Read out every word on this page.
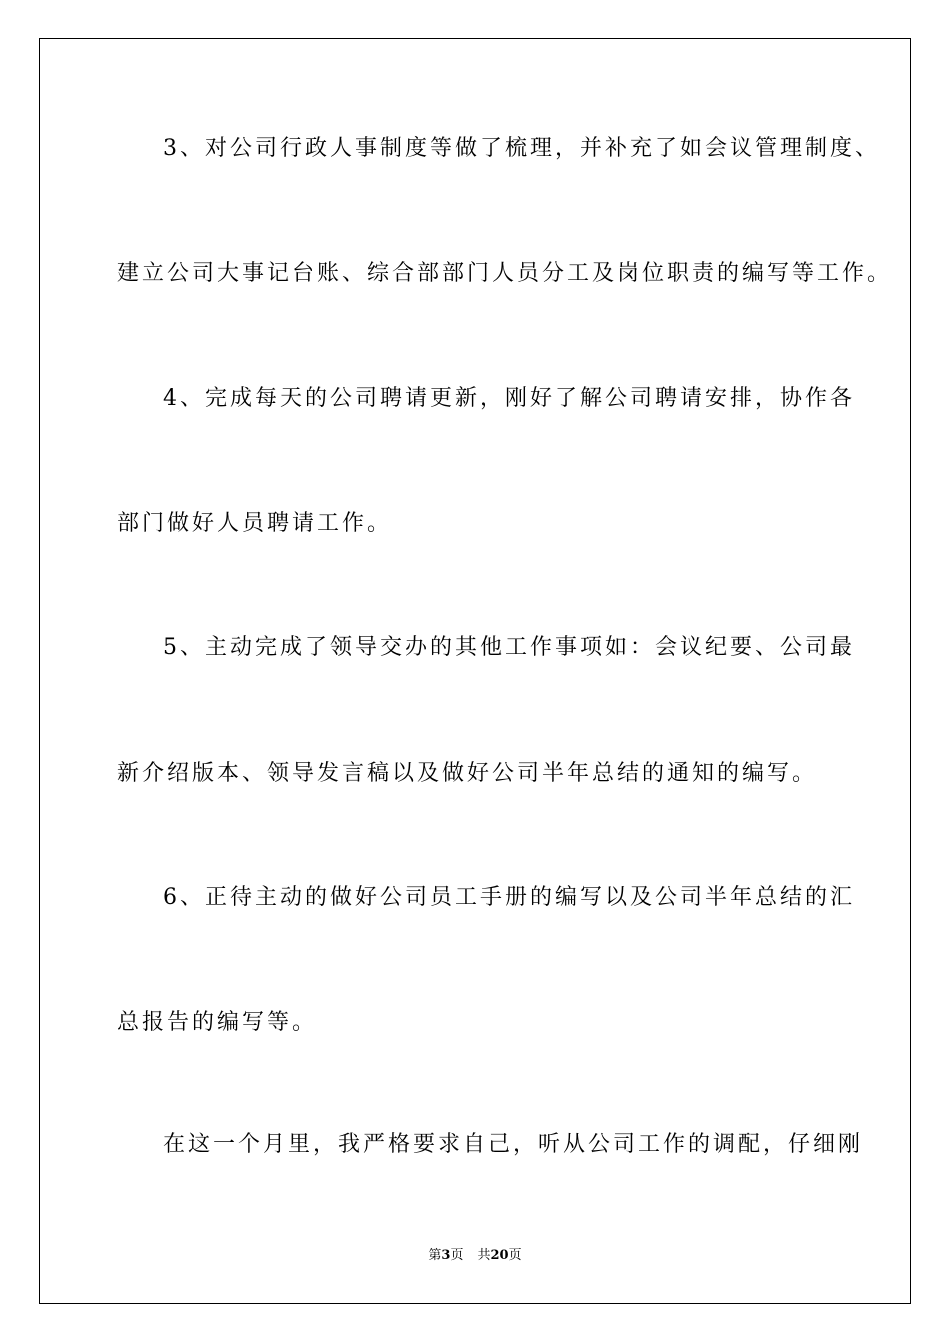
3、对公司行政人事制度等做了梳理，并补充了如会议管理制度、
建立公司大事记台账、综合部部门人员分工及岗位职责的编写等工作。
4、完成每天的公司聘请更新，刚好了解公司聘请安排，协作各
部门做好人员聘请工作。
5、主动完成了领导交办的其他工作事项如：会议纪要、公司最
新介绍版本、领导发言稿以及做好公司半年总结的通知的编写。
6、正待主动的做好公司员工手册的编写以及公司半年总结的汇
总报告的编写等。
在这一个月里，我严格要求自己，听从公司工作的调配，仔细刚
第3页 共20页
